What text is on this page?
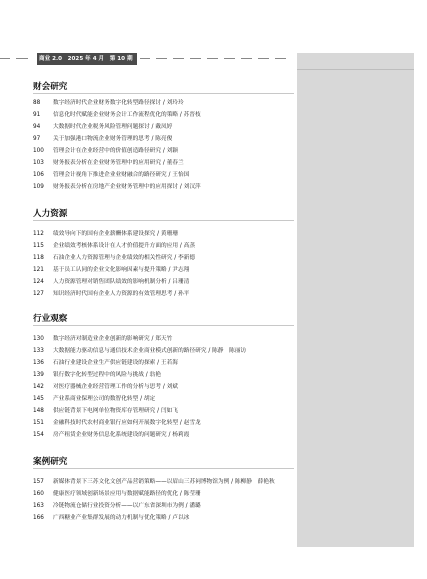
商业 2.0　2025 年 4 月　第 10 期
财会研究
88 数字经济时代企业财务数字化转型路径探讨 / 刘玲玲
91 信息化时代赋能企业财务会计工作流程优化的策略 / 苏晋枝
94 大数据时代企业税务风险管理问题探讨 / 戴凤婷
97 关于加强港口物流企业财务管理的思考 / 陈亮俊
100 管理会计在企业经营中的价值创造路径研究 / 刘颖
103 财务报表分析在企业财务管理中的应用研究 / 董春兰
106 管理会计视角下推进企业业财融合的路径研究 / 王怡国
109 财务报表分析在房地产企业财务管理中的应用探讨 / 刘汉萍
人力资源
112 绩效导向下的国有企业薪酬体系建设探究 / 黄珊珊
115 企业绩效考核体系设计在人才价值提升方面的应用 / 高蒸
118 石油企业人力资源管理与企业绩效的相关性研究 / 李新德
121 基于员工认同的企业文化影响因素与提升策略 / 尹志翔
124 人力资源管理对销售团队绩效的影响机制分析 / 吕珊清
127 知识经济时代国有企业人力资源的有效管理思考 / 孙平
行业观察
130 数字经济对制造业企业创新的影响研究 / 郑天竹
133 大数据能力驱动信息与通信技术企业商业模式创新的路径研究 / 陈静　陈丽访
136 石油行业建设企业生产供应链建设的探索 / 王若海
139 银行数字化转型过程中的风险与挑战 / 翁艳
142 对医疗器械企业经营管理工作的分析与思考 / 刘斌
145 产业系商业保理公司的数智化转型 / 胡定
148 供应链背景下电网单位物资库存管理研究 / 闫如飞
151 金融科技时代农村商业银行应如何开展数字化转型 / 赵雪龙
154 房产租赁企业财务信息化系统建设的问题研究 / 杨莉霞
案例研究
157 新媒体背景下三苏文化文创产品营销策略——以眉山三苏祠博物馆为例 / 陈柳静　薛艳秋
160 健康医疗领域创新场景应用与数据赋能路径的优化 / 陈莹珊
163 冷链物流仓储行业投资分析——以广东省深圳市为例 / 潘璐
166 广西糖业产业集群发展的动力机制与优化策略 / 卢以冰
